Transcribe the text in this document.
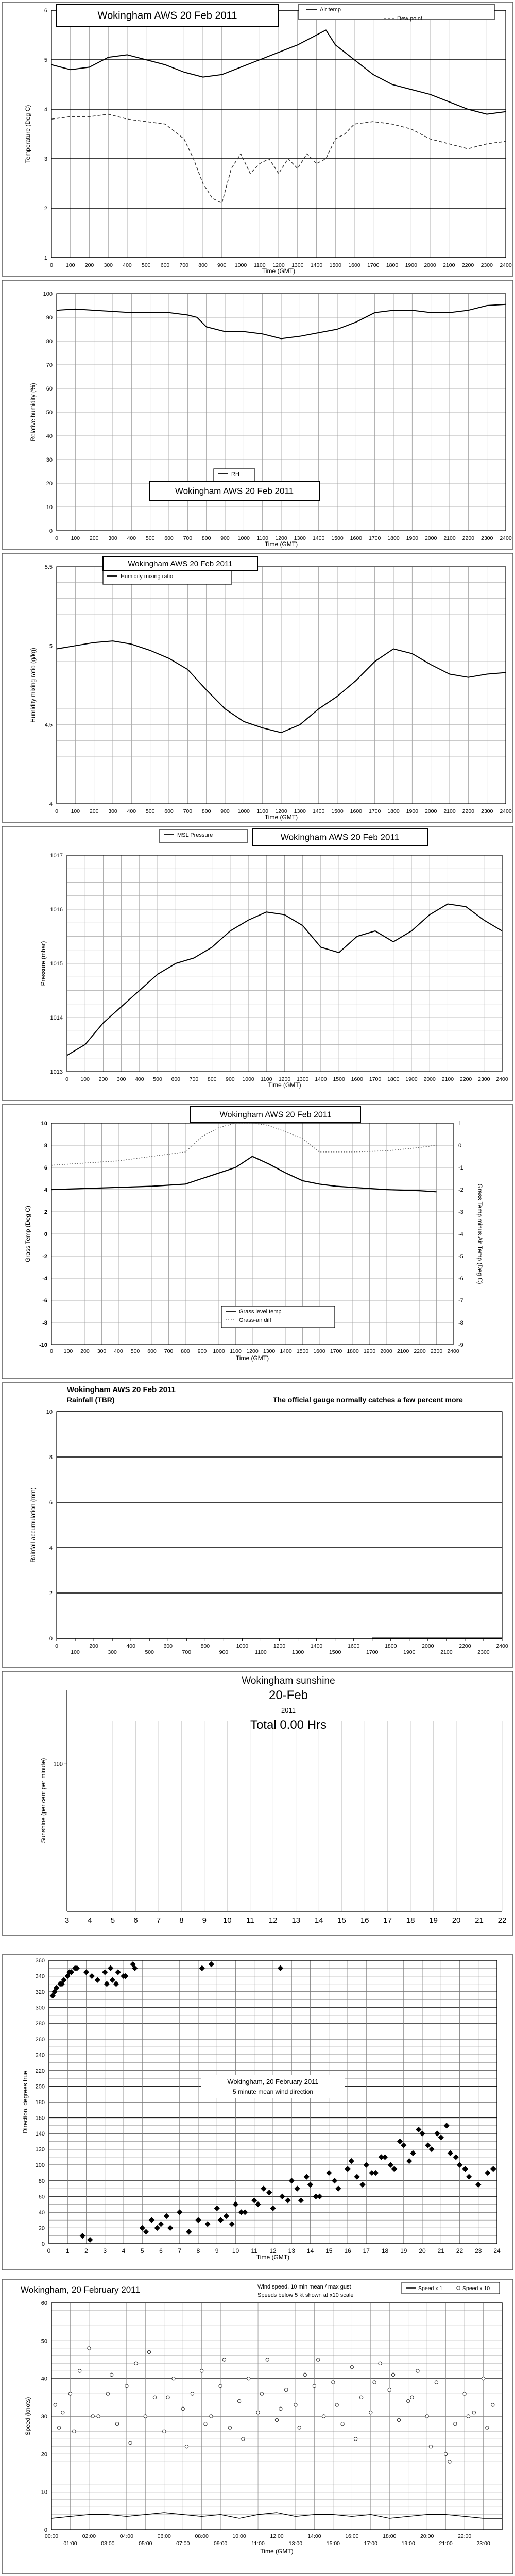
0 100 200 300 400 500 600 700 800 900 1000 1100 1200 1300 1400 1500 1600 1700 1800 1900 2000 2100 2200 2300 2400
1
2
3
4
5
6
Time (GMT)
Temperature (Deg C)
Wokingham AWS 20 Feb 2011
Air temp
Dew point
0 100 200 300 400 500 600 700 800 900 1000 1100 1200 1300 1400 1500 1600 1700 1800 1900 2000 2100 2200 2300 2400
0
10
20
30
40
50
60
70
80
90
100
Time (GMT)
Relative humidity (%)
RH
Wokingham AWS 20 Feb 2011
0 100 200 300 400 500 600 700 800 900 1000 1100 1200 1300 1400 1500 1600 1700 1800 1900 2000 2100 2200 2300 2400
4
4.5
5
5.5
Time (GMT)
Humidity mixing ratio (g/kg)
Wokingham AWS 20 Feb 2011
Humidity mixing ratio
0 100 200 300 400 500 600 700 800 900 1000 1100 1200 1300 1400 1500 1600 1700 1800 1900 2000 2100 2200 2300 2400
1013
1014
1015
1016
1017
Time (GMT)
Pressure (mbar)
MSL Pressure	Wokingham AWS 20 Feb 2011
0 100 200 300 400 500 600 700 800 900 1000 1100 1200 1300 1400 1500 1600 1700 1800 1900 2000 2100 2200 2300 2400
-10
-8
-6
-4
-2
0
2
4
6
8
10
-9
-8
-7
-6
-5
-4
-3
-2
-1
0
1
Time (GMT)
Grass Temp (Deg C)	Grass Temp minus Air Temp (Deg C)
Wokingham AWS 20 Feb 2011
Grass level temp
Grass-air diff
0
2
4
6
8
10
0
100
200
300
400
500
600
700
800
900
1000
1100
1200
1300
1400
1500
1600
1700
1800
1900
2000
2100
2200
2300
2400
Rainfall accumulation (mm)
Wokingham AWS 20 Feb 2011
Rainfall (TBR)	The official gauge normally catches a few percent more
3 4 5 6 7 8 9 10 11 12 13 14 15 16 17 18 19 20 21 22
100
Sunshine (per cent per minute)
Wokingham sunshine
20-Feb
2011
Total 0.00 Hrs
0
20
40
60
80
100
120
140
160
180
200
220
240
260
280
300
320
340
360
0 1 2 3 4 5 6 7 8 9 10 11 12 13 14 15 16 17 18 19 20 21 22 23 24
Time (GMT)
Direction, degrees true	Wokingham, 20 February 2011
5 minute mean wind direction
0
10
20
30
40
50
60
00:00	02:00	04:00	06:00	08:00	10:00	12:00	14:00	16:00	18:00	20:00	22:00
01:00	03:00	05:00	07:00	09:00	11:00	13:00	15:00	17:00	19:00	21:00	23:00
Time (GMT)
Speed (knots)
Wokingham, 20 February 2011	Wind speed, 10 min mean / max gust
Speeds below 5 kt shown at x10 scale
Speed x 1	Speed x 10
